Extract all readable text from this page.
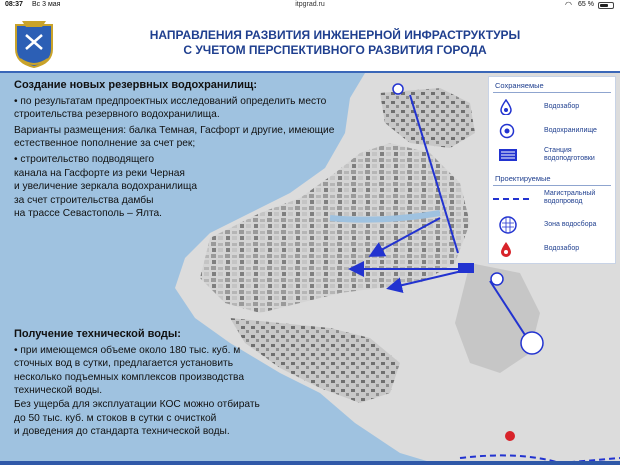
08:37 Вс 3 мая	itpgrad.ru	◠ 65 %
НАПРАВЛЕНИЯ РАЗВИТИЯ ИНЖЕНЕРНОЙ ИНФРАСТРУКТУРЫ
С УЧЕТОМ ПЕРСПЕКТИВНОГО РАЗВИТИЯ ГОРОДА
Создание новых резервных водохранилищ:

• по результатам предпроектных исследований определить место строительства резервного водохранилища.

Варианты размещения: балка Темная, Гасфорт и другие, имеющие естественное пополнение за счет рек;

• строительство подводящего
канала на Гасфорте из реки Черная
и увеличение зеркала водохранилища
за счет строительства дамбы
на трассе Севастополь – Ялта.
Получение технической воды:
• при имеющемся объеме около 180 тыс. куб. м
сточных вод в сутки, предлагается установить
несколько подъемных комплексов производства
технической воды.
Без ущерба для эксплуатации КОС можно отбирать
до 50 тыс. куб. м стоков в сутки с очисткой
и доведения до стандарта технической воды.
Сохраняемые
Водозабор
Водохранилище
Станция
водоподготовки
Проектируемые
Магистральный
водопровод
Зона водосбора
Водозабор
